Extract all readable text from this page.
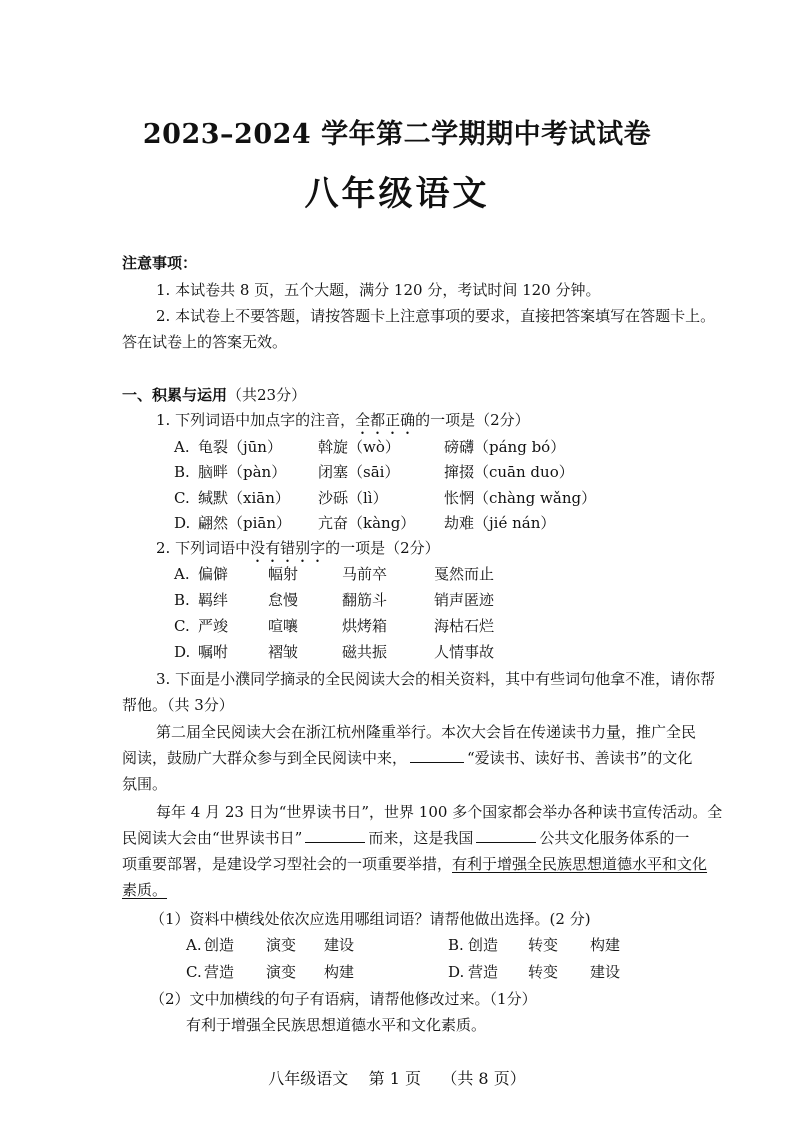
2023–2024 学年第二学期期中考试试卷
八年级语文
注意事项：
1. 本试卷共 8 页，五个大题，满分 120 分，考试时间 120 分钟。
2. 本试卷上不要答题，请按答题卡上注意事项的要求，直接把答案填写在答题卡上。
答在试卷上的答案无效。
一、积累与运用（共23分）
1. 下列词语中加点字的注音，全都正确的一项是（2分）
A. 龟裂（jūn） 斡旋（wò）	磅礴（páng bó）
B. 脑畔（pàn） 闭塞（sāi）	撺掇（cuān duo）
C. 缄默（xiān） 沙砾（lì）	怅惘（chàng wǎng）
D. 翩然（piān） 亢奋（kàng） 劫难（jié nán）
2. 下列词语中没有错别字的一项是（2分）
A. 偏僻	幅射	马前卒	戛然而止
B. 羁绊	怠慢	翻筋斗	销声匿迹
C. 严竣	喧嚷	烘烤箱	海枯石烂
D. 嘱咐	褶皱	磁共振	人情事故
3. 下面是小濮同学摘录的全民阅读大会的相关资料，其中有些词句他拿不准，请你帮
帮他。（共 3分）
第二届全民阅读大会在浙江杭州隆重举行。本次大会旨在传递读书力量，推广全民
阅读，鼓励广大群众参与到全民阅读中来，	“爱读书、读好书、善读书”的文化
氛围。
每年 4 月 23 日为“世界读书日”，世界 100 多个国家都会举办各种读书宣传活动。全
民阅读大会由“世界读书日”	而来，这是我国	公共文化服务体系的一
项重要部署，是建设学习型社会的一项重要举措，有利于增强全民族思想道德水平和文化
素质。
（1）资料中横线处依次应选用哪组词语？请帮他做出选择。(2 分)
A. 创造 演变 建设	B. 创造 转变 构建
C. 营造 演变 构建	D. 营造 转变 建设
（2）文中加横线的句子有语病，请帮他修改过来。（1分）
有利于增强全民族思想道德水平和文化素质。
八年级语文 第 1 页 （共 8 页）
